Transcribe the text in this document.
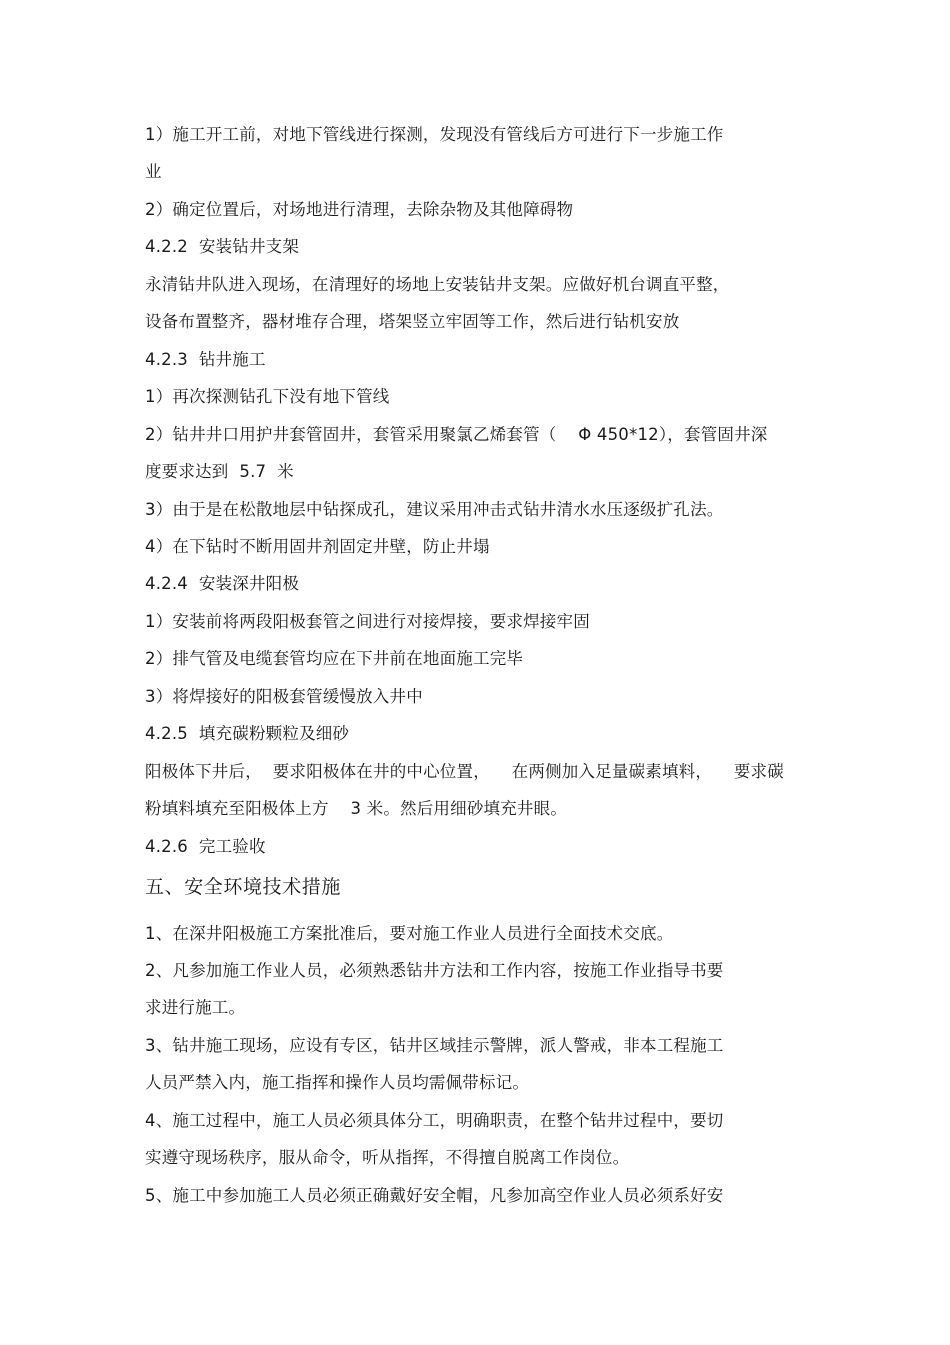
1）施工开工前，对地下管线进行探测，发现没有管线后方可进行下一步施工作
业
2）确定位置后，对场地进行清理，去除杂物及其他障碍物
4.2.2  安装钻井支架
永清钻井队进入现场，在清理好的场地上安装钻井支架。应做好机台调直平整，
设备布置整齐，器材堆存合理，塔架竖立牢固等工作，然后进行钻机安放
4.2.3  钻井施工
1）再次探测钻孔下没有地下管线
2）钻井井口用护井套管固井，套管采用聚氯乙烯套管（    Φ 450*12），套管固井深
度要求达到  5.7  米
3）由于是在松散地层中钻探成孔，建议采用冲击式钻井清水水压逐级扩孔法。
4）在下钻时不断用固井剂固定井壁，防止井塌
4.2.4  安装深井阳极
1）安装前将两段阳极套管之间进行对接焊接，要求焊接牢固
2）排气管及电缆套管均应在下井前在地面施工完毕
3）将焊接好的阳极套管缓慢放入井中
4.2.5  填充碳粉颗粒及细砂
阳极体下井后，  要求阳极体在井的中心位置，    在两侧加入足量碳素填料，    要求碳
粉填料填充至阳极体上方    3 米。然后用细砂填充井眼。
4.2.6  完工验收
五、安全环境技术措施
1、在深井阳极施工方案批准后，要对施工作业人员进行全面技术交底。
2、凡参加施工作业人员，必须熟悉钻井方法和工作内容，按施工作业指导书要
求进行施工。
3、钻井施工现场，应设有专区，钻井区域挂示警牌，派人警戒，非本工程施工
人员严禁入内，施工指挥和操作人员均需佩带标记。
4、施工过程中，施工人员必须具体分工，明确职责，在整个钻井过程中，要切
实遵守现场秩序，服从命令，听从指挥，不得擅自脱离工作岗位。
5、施工中参加施工人员必须正确戴好安全帽，凡参加高空作业人员必须系好安
